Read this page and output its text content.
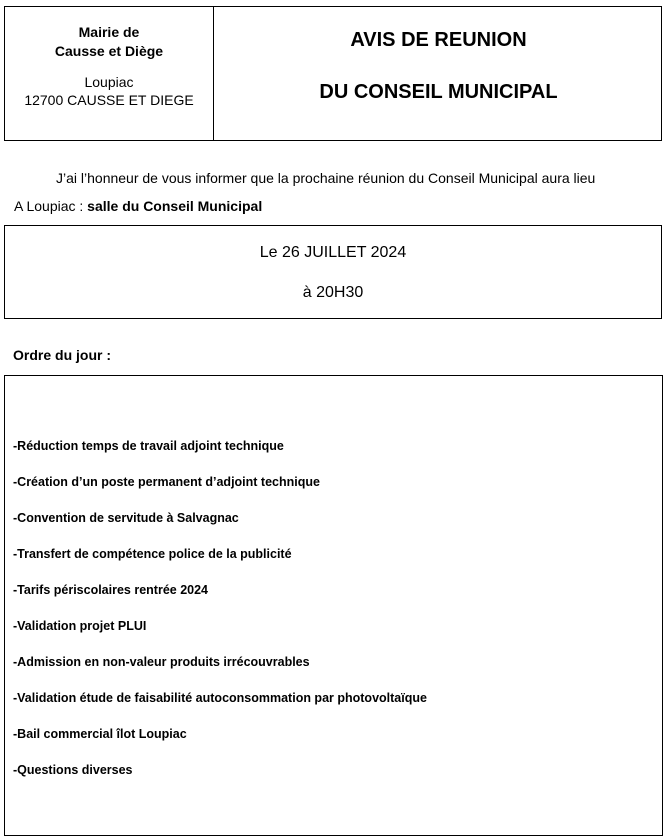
Mairie de
Causse et Diège
Loupiac
12700 CAUSSE ET DIEGE
AVIS DE REUNION
DU CONSEIL MUNICIPAL
J’ai l’honneur de vous informer que la prochaine réunion du Conseil Municipal aura lieu
A Loupiac : salle du Conseil Municipal
Le 26 JUILLET 2024
à 20H30
Ordre du jour :
-Réduction temps de travail adjoint technique
-Création d’un poste permanent d’adjoint technique
-Convention de servitude à Salvagnac
-Transfert de compétence police de la publicité
-Tarifs périscolaires rentrée 2024
-Validation projet PLUI
-Admission en non-valeur produits irrécouvrables
-Validation étude de faisabilité autoconsommation par photovoltaïque
-Bail commercial îlot Loupiac
-Questions diverses
